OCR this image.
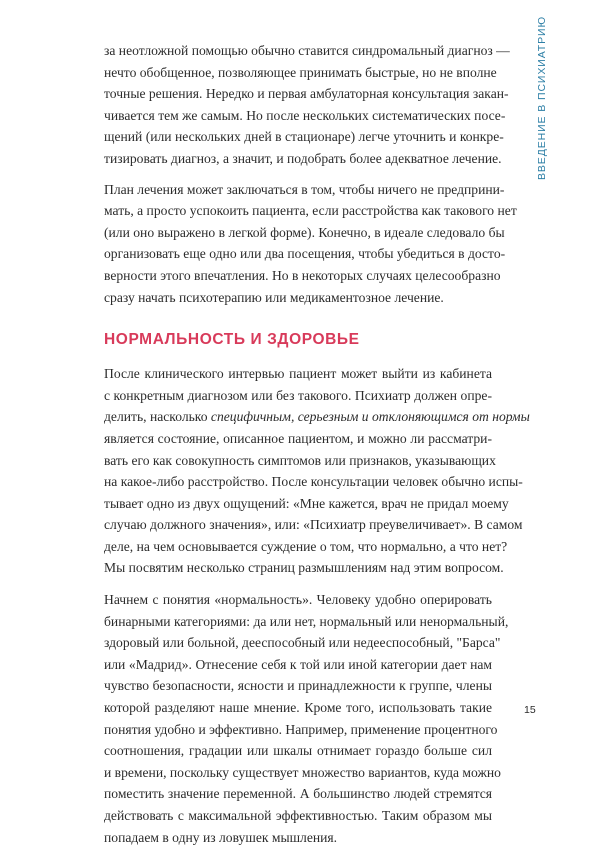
за неотложной помощью обычно ставится синдромальный диагноз —
нечто обобщенное, позволяющее принимать быстрые, но не вполне
точные решения. Нередко и первая амбулаторная консультация закан-
чивается тем же самым. Но после нескольких систематических посе-
щений (или нескольких дней в стационаре) легче уточнить и конкре-
тизировать диагноз, а значит, и подобрать более адекватное лечение.

План лечения может заключаться в том, чтобы ничего не предприни-
мать, а просто успокоить пациента, если расстройства как такового нет
(или оно выражено в легкой форме). Конечно, в идеале следовало бы
организовать еще одно или два посещения, чтобы убедиться в досто-
верности этого впечатления. Но в некоторых случаях целесообразно
сразу начать психотерапию или медикаментозное лечение.

НОРМАЛЬНОСТЬ И ЗДОРОВЬЕ

После клинического интервью пациент может выйти из кабинета
с конкретным диагнозом или без такового. Психиатр должен опре-
делить, насколько специфичным, серьезным и отклоняющимся от нормы
является состояние, описанное пациентом, и можно ли рассматри-
вать его как совокупность симптомов или признаков, указывающих
на какое-либо расстройство. После консультации человек обычно испы-
тывает одно из двух ощущений: «Мне кажется, врач не придал моему
случаю должного значения», или: «Психиатр преувеличивает». В самом
деле, на чем основывается суждение о том, что нормально, а что нет?
Мы посвятим несколько страниц размышлениям над этим вопросом.

Начнем с понятия «нормальность». Человеку удобно оперировать
бинарными категориями: да или нет, нормальный или ненормальный,
здоровый или больной, дееспособный или недееспособный, "Барса"
или «Мадрид». Отнесение себя к той или иной категории дает нам
чувство безопасности, ясности и принадлежности к группе, члены
которой разделяют наше мнение. Кроме того, использовать такие
понятия удобно и эффективно. Например, применение процентного
соотношения, градации или шкалы отнимает гораздо больше сил
и времени, поскольку существует множество вариантов, куда можно
поместить значение переменной. А большинство людей стремятся
действовать с максимальной эффективностью. Таким образом мы
попадаем в одну из ловушек мышления.

ВВЕДЕНИЕ В ПСИХИАТРИЮ
15
